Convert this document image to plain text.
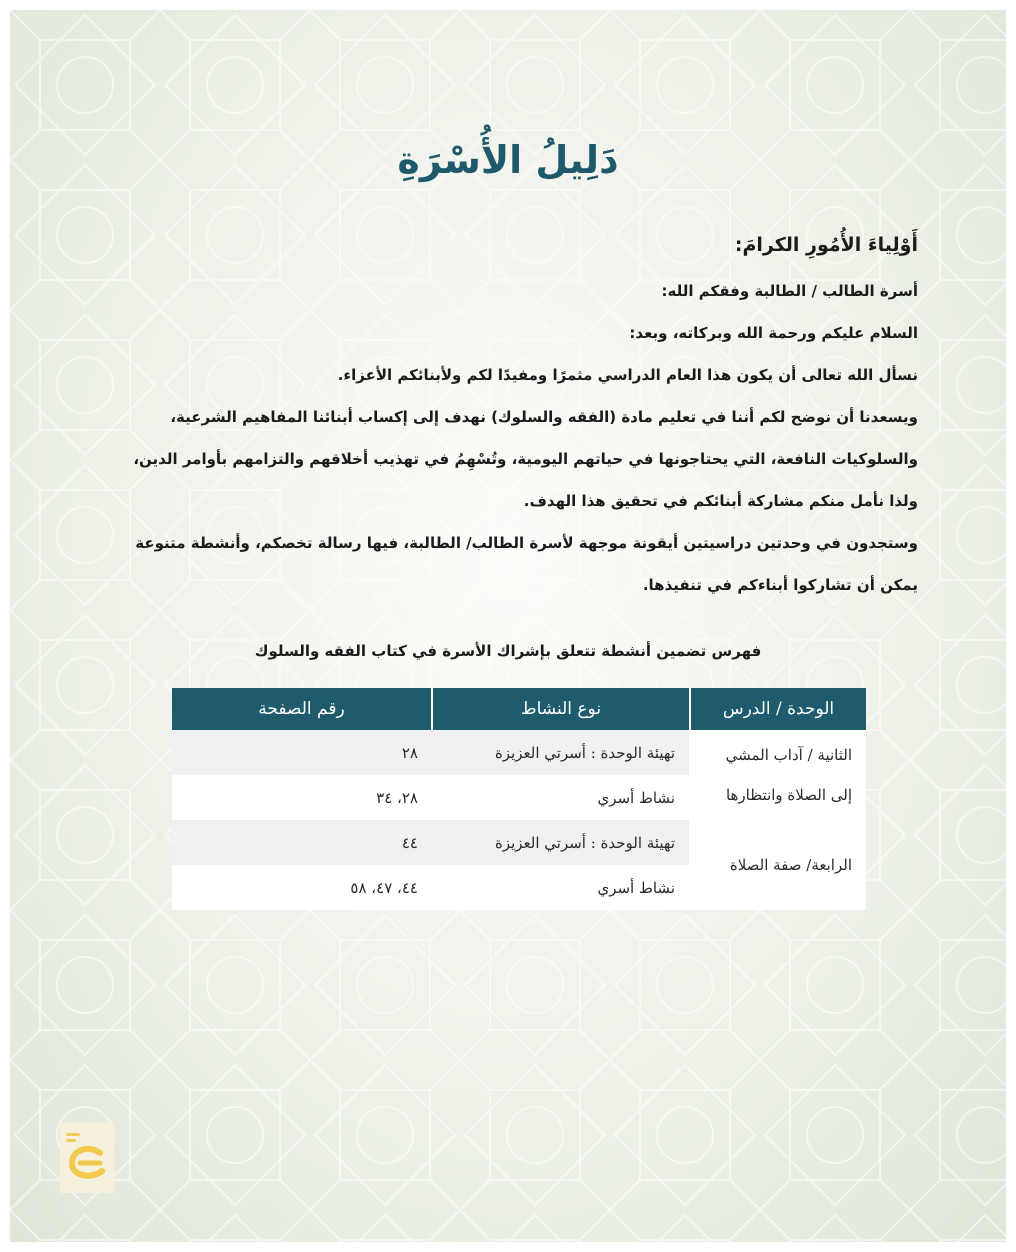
دَلِيلُ الأُسْرَةِ

أَوْلِياءَ الأُمُورِ الكرامَ:

أسرة الطالب / الطالبة وفقكم الله:

السلام عليكم ورحمة الله وبركاته، وبعد:

نسأل الله تعالى أن يكون هذا العام الدراسي مثمرًا ومفيدًا لكم ولأبنائكم الأعزاء.

ويسعدنا أن نوضح لكم أننا في تعليم مادة (الفقه والسلوك) نهدف إلى إكساب أبنائنا المفاهيم الشرعية،
والسلوكيات النافعة، التي يحتاجونها في حياتهم اليومية، وتُسْهِمُ في تهذيب أخلاقهم والتزامهم بأوامر الدين،
ولذا نأمل منكم مشاركة أبنائكم في تحقيق هذا الهدف.

وستجدون في وحدتين دراسيتين أيقونة موجهة لأسرة الطالب/ الطالبة، فيها رسالة تخصكم، وأنشطة متنوعة
يمكن أن تشاركوا أبناءكم في تنفيذها.

فهرس تضمين أنشطة تتعلق بإشراك الأسرة في كتاب الفقه والسلوك
الوحدة / الدرس	نوع النشاط	رقم الصفحة
الثانية / آداب المشي إلى الصلاة وانتظارها	تهيئة الوحدة : أسرتي العزيزة	٢٨
	نشاط أسري	٢٨، ٣٤
الرابعة/ صفة الصلاة	تهيئة الوحدة : أسرتي العزيزة	٤٤
	نشاط أسري	٤٤، ٤٧، ٥٨
